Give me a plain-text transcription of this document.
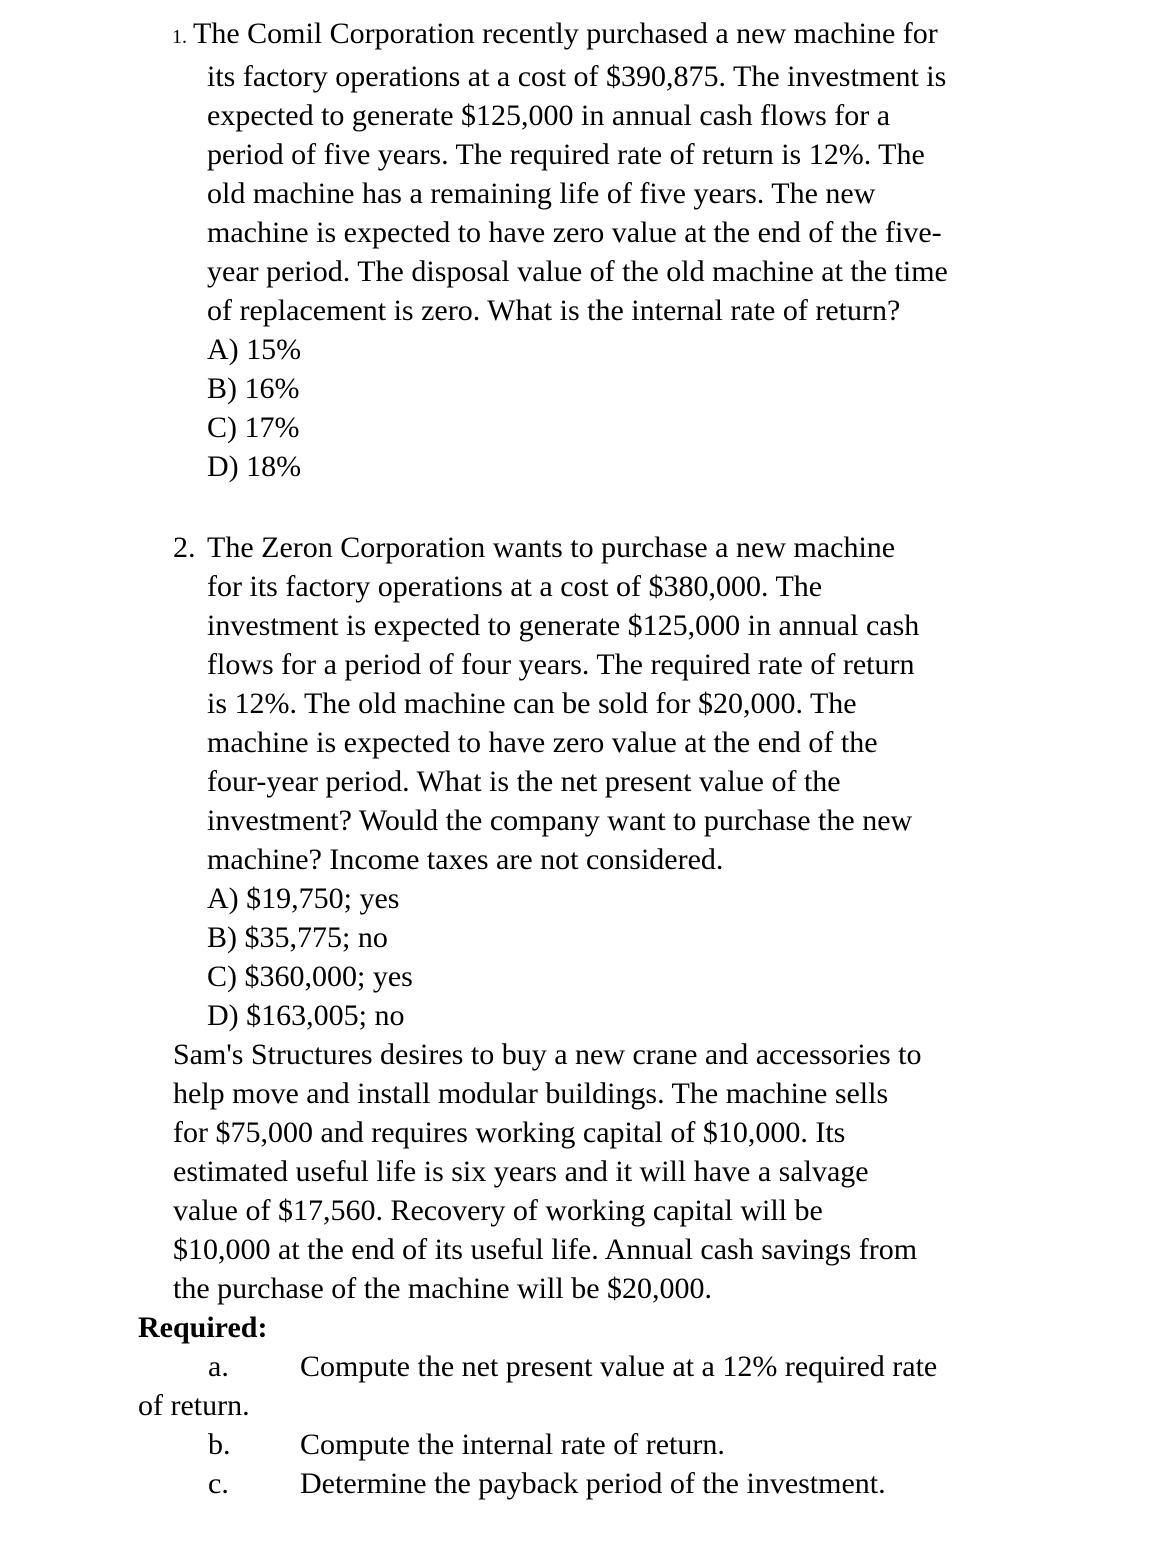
1. The Comil Corporation recently purchased a new machine for
its factory operations at a cost of $390,875. The investment is
expected to generate $125,000 in annual cash flows for a
period of five years. The required rate of return is 12%. The
old machine has a remaining life of five years. The new
machine is expected to have zero value at the end of the five-
year period. The disposal value of the old machine at the time
of replacement is zero. What is the internal rate of return?
A) 15%
B) 16%
C) 17%
D) 18%
2. The Zeron Corporation wants to purchase a new machine
for its factory operations at a cost of $380,000. The
investment is expected to generate $125,000 in annual cash
flows for a period of four years. The required rate of return
is 12%. The old machine can be sold for $20,000. The
machine is expected to have zero value at the end of the
four-year period. What is the net present value of the
investment? Would the company want to purchase the new
machine? Income taxes are not considered.
A) $19,750; yes
B) $35,775; no
C) $360,000; yes
D) $163,005; no
Sam's Structures desires to buy a new crane and accessories to
help move and install modular buildings. The machine sells
for $75,000 and requires working capital of $10,000. Its
estimated useful life is six years and it will have a salvage
value of $17,560. Recovery of working capital will be
$10,000 at the end of its useful life. Annual cash savings from
the purchase of the machine will be $20,000.
Required:
a. Compute the net present value at a 12% required rate
of return.
b. Compute the internal rate of return.
c. Determine the payback period of the investment.
